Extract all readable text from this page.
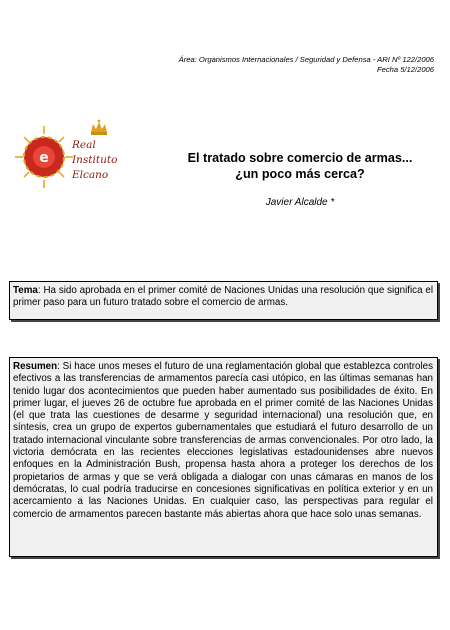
Área: Organismos Internacionales / Seguridad y Defensa - ARI Nº 122/2006
Fecha 5/12/2006
e
Real
Instituto
Elcano
El tratado sobre comercio de armas...
¿un poco más cerca?
Javier Alcalde *
Tema: Ha sido aprobada en el primer comité de Naciones Unidas una resolución que significa el primer paso para un futuro tratado sobre el comercio de armas.
Resumen: Si hace unos meses el futuro de una reglamentación global que establezca controles efectivos a las transferencias de armamentos parecía casi utópico, en las últimas semanas han tenido lugar dos acontecimientos que pueden haber aumentado sus posibilidades de éxito. En primer lugar, el jueves 26 de octubre fue aprobada en el primer comité de las Naciones Unidas (el que trata las cuestiones de desarme y seguridad internacional) una resolución que, en síntesis, crea un grupo de expertos gubernamentales que estudiará el futuro desarrollo de un tratado internacional vinculante sobre transferencias de armas convencionales. Por otro lado, la victoria demócrata en las recientes elecciones legislativas estadounidenses abre nuevos enfoques en la Administración Bush, propensa hasta ahora a proteger los derechos de los propietarios de armas y que se verá obligada a dialogar con unas cámaras en manos de los demócratas, lo cual podría traducirse en concesiones significativas en política exterior y en un acercamiento a las Naciones Unidas. En cualquier caso, las perspectivas para regular el comercio de armamentos parecen bastante más abiertas ahora que hace solo unas semanas.
